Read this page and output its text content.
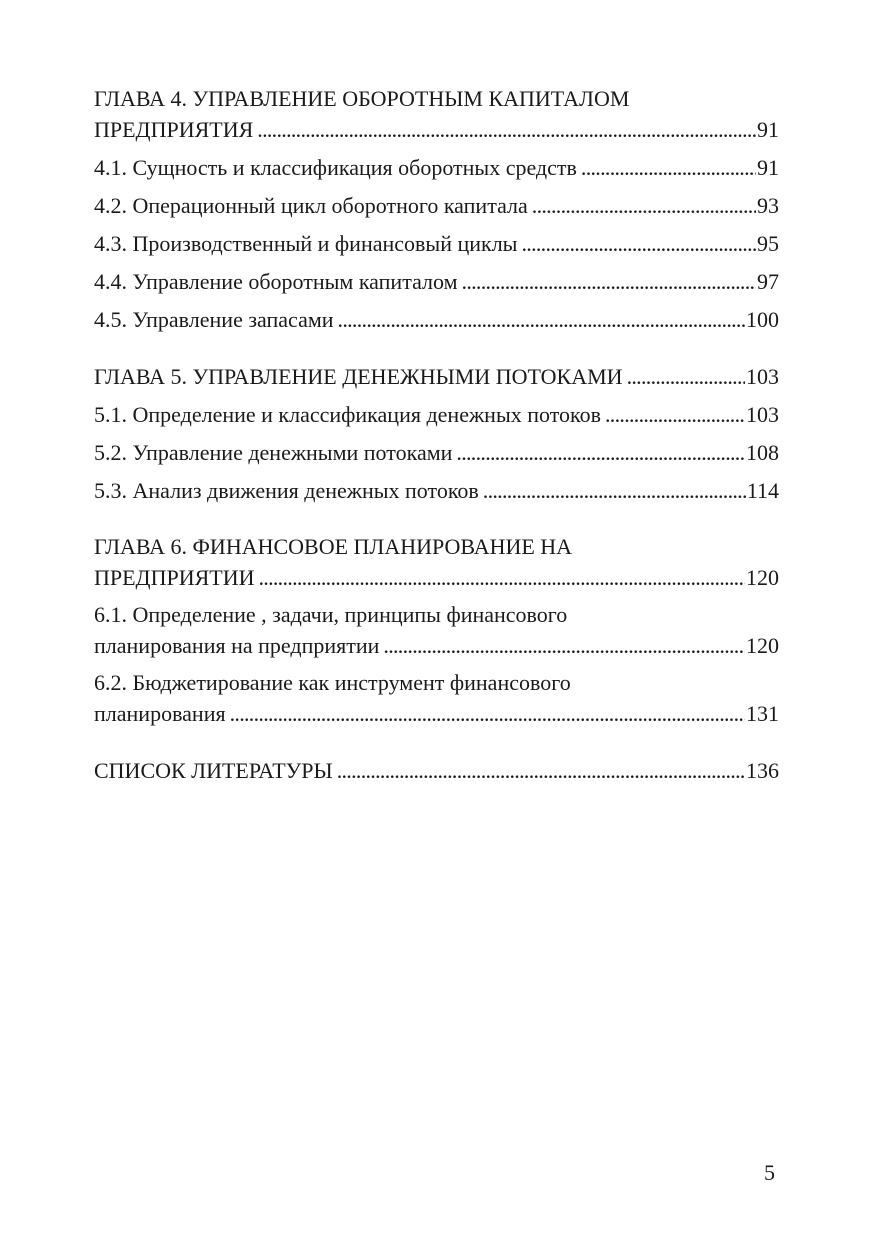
ГЛАВА 4. УПРАВЛЕНИЕ ОБОРОТНЫМ КАПИТАЛОМ
ПРЕДПРИЯТИЯ . . .	91
4.1. Сущность и классификация оборотных средств . . .	91
4.2. Операционный цикл оборотного капитала . . .	93
4.3. Производственный и финансовый циклы . . .	95
4.4. Управление оборотным капиталом . . .	97
4.5. Управление запасами . . .	100
ГЛАВА 5. УПРАВЛЕНИЕ ДЕНЕЖНЫМИ ПОТОКАМИ . . .	103
5.1. Определение и классификация денежных потоков . . .	103
5.2. Управление денежными потоками . . .	108
5.3. Анализ движения денежных потоков . . .	114
ГЛАВА 6. ФИНАНСОВОЕ ПЛАНИРОВАНИЕ НА
ПРЕДПРИЯТИИ . . .	120
6.1. Определение , задачи, принципы финансового
планирования на предприятии . . .	120
6.2. Бюджетирование как инструмент финансового
планирования . . .	131
СПИСОК ЛИТЕРАТУРЫ . . .	136
5
